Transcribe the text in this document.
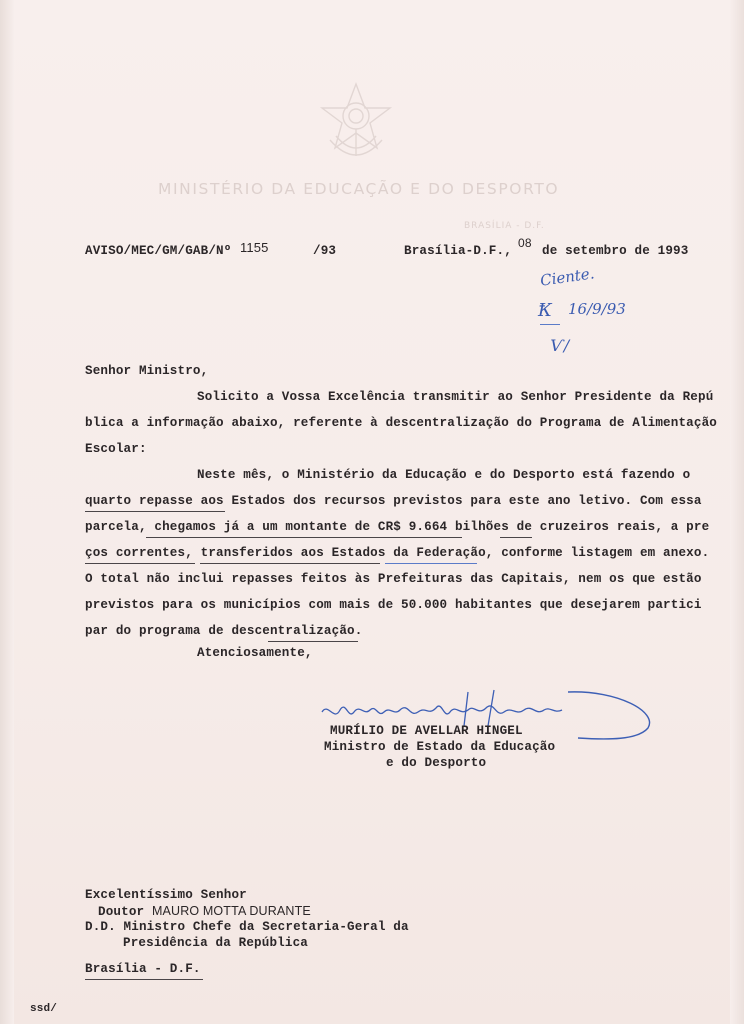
MINISTÉRIO DA EDUCAÇÃO E DO DESPORTO
BRASÍLIA - D.F.
AVISO/MEC/GM/GAB/Nº 1155	/93	Brasília-D.F.,
08
de setembro de 1993
Ciente.
Ҟ 16/9/93
Ѵ/
Senhor Ministro,
Solicito a Vossa Excelência transmitir ao Senhor Presidente da Repú
blica a informação abaixo, referente à descentralização do Programa de Alimentação
Escolar:
Neste mês, o Ministério da Educação e do Desporto está fazendo o
quarto repasse aos Estados dos recursos previstos para este ano letivo. Com essa
parcela, chegamos já a um montante de CR$ 9.664 bilhões de cruzeiros reais, a pre
ços correntes, transferidos aos Estados da Federação, conforme listagem em anexo.
O total não inclui repasses feitos às Prefeituras das Capitais, nem os que estão
previstos para os municípios com mais de 50.000 habitantes que desejarem partici
par do programa de descentralização.
Atenciosamente,
MURÍLIO DE AVELLAR HINGEL
Ministro de Estado da Educação
e do Desporto
Excelentíssimo Senhor
Doutor MAURO MOTTA DURANTE
D.D. Ministro Chefe da Secretaria-Geral da
Presidência da República
Brasília - D.F.
ssd/
